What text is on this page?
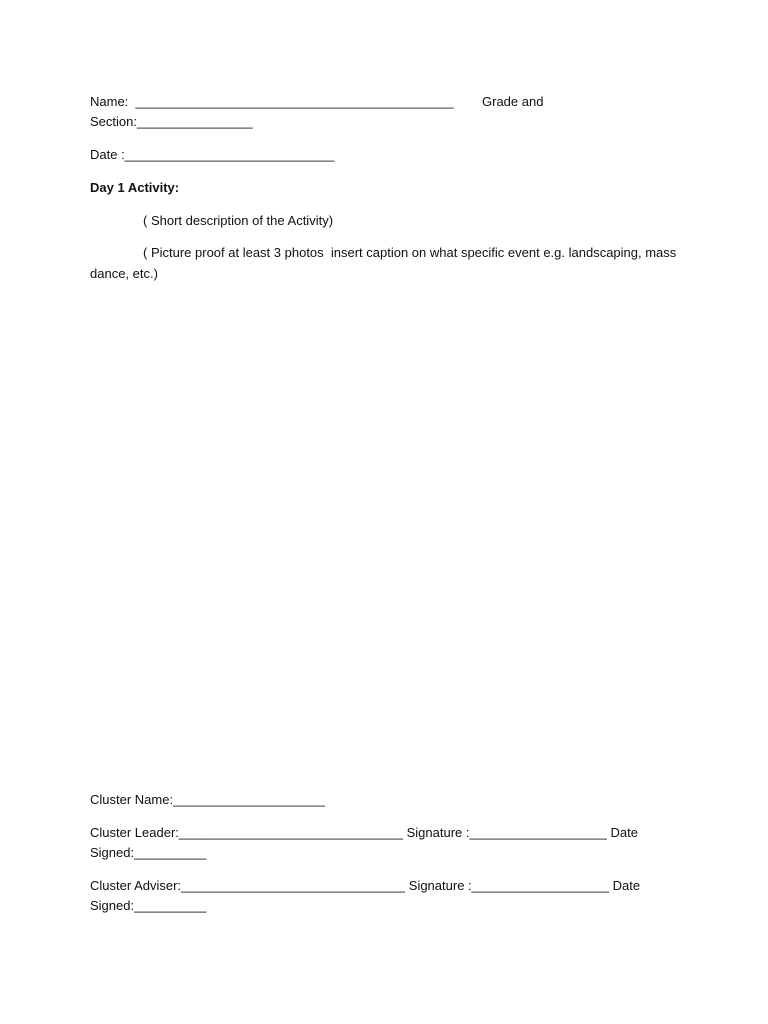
Name:  ____________________________________________ Grade and
Section:________________
Date :_____________________________
Day 1 Activity:
( Short description of the Activity)
( Picture proof at least 3 photos  insert caption on what specific event e.g. landscaping, mass
dance, etc.)
Cluster Name:_____________________
Cluster Leader:_______________________________ Signature :___________________ Date
Signed:__________
Cluster Adviser:_______________________________ Signature :___________________ Date
Signed:__________
